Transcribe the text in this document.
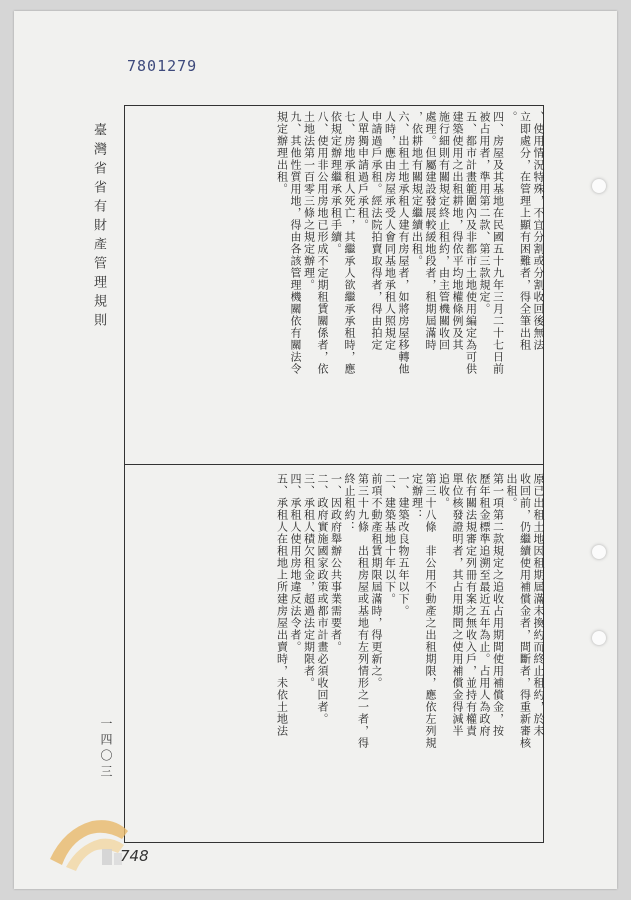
7801279
臺灣省省有財產管理規則	、使用情況特殊，不宜分割或分割收回後無法
立即處分，在管理上顯有困難者，得全筆出租
。
四、房屋及其基地在民國五十九年三月二十七日前
被占用者，準用第二款、第三款規定。
五、都市計畫範圍內及非都市土地使用編定為可供
建築使用之出租耕地，得依平均地權條例及其
施行細則有關規定終止租約，由主管機關收回
處理。但屬建設發展較緩地段者，租期屆滿時
，依耕地有關規定繼續出租。
六、出租土地承租人建有房屋者，如將房屋移轉他
人時，應由房屋承受人會同基地承租人照規定
申請過戶承租。經法院拍賣取得者，得由拍定
人單獨申請過戶承租。
七、房地承租人死亡，其繼承人欲繼承承租時，應
依規定辦理繼承承租手續。
八、使用非公用房地已形成不定期租賃關係者，依
土地法第一百零三條之規定辦理。
九、其他性質用地，得由各該管理機關依有關法令
規定辦理出租。
原已出租土地因租期屆滿未換約而終止租約，於未
收回前，仍繼續使用補償金者，間斷者，得重新審核
出租。
第一項第二款規定之追收占用期間使用補償金，按
歷年租金標準追溯至最近五年為止。占用人為政府
依有關法規審定列冊有案之無收入戶，並持有權責
單位核發證明者，其占用期間之使用補償金得減半
追收。
第三十八條　非公用不動產之出租期限，應依左列規
定辦理：
一、建築改良物五年以下。
二、建築基地十年以下。
前項不動產租賃期限屆滿時，得更新之。
第三十九條　出租房屋或基地有左列情形之一者，得
終止租約：
一、因政府舉辦公共事業需要者。
二、政府實施國家政策或都市計畫必須收回者。
三、承租人積欠租金，超過法定期限者。
四、承租人使用房地違反法令者。
五、承租人在租地上所建房屋出賣時，未依土地法
一四〇三
748
